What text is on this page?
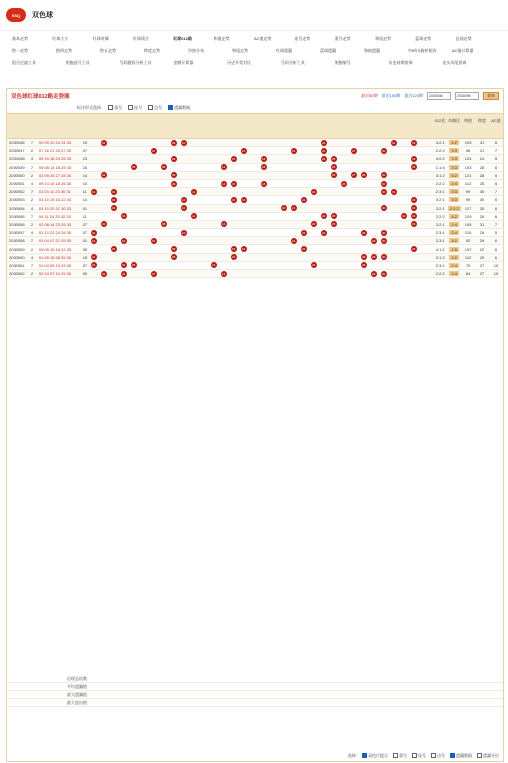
SSQ	双色球
基本走势	红球大小	红球奇偶	红球质合	红球012路	和值走势	AC值走势	连号走势	重号走势	和尾走势	蓝球走势	区间走势
跨一走势	跨四走势	跨五走势	跨度走势	冷热分布	和尾走势	红球遗漏	蓝球遗漏	和值遗漏	中6红5旋转矩阵	AC值计算器
组合过滤工具	胆拖选号工具	号码跟踪分析工具	金额计算器	历史开奖对比	号码分析工具	胆拖缩号	历史同期查询	龙头凤尾查询
双色球红球012路走势图	最近50期 最近100期 最近120期	2030046	2030095	查询
标注形式选择:	重号	连号	边号	遗漏数据
012比 奇偶比	和值	跨度	AC值
2030046	7	02 09 10 24 31 33	19	02	09	10	24	31	33	3:2:1	4:2	109	31	6
2030047	2	07 16 21 24 27 30	07	07	16	21	24	27	30	2:2:2	3:3	96	21	7
2030048	4	09 15 18 24 25 33	13	09	15	18	24	25	33	4:0:2	3:3	124	24	5
2030049	7	05 08 14 18 25 33	16	05	08	14	18	25	33	1:1:4	3:3	103	28	6
2030050	2	02 09 25 27 28 30	14	02	09	25	27	28	30	3:1:2	4:2	121	28	5
2030051	4	09 14 15 18 26 30	10	09	14	15	18	26	30	2:2:2	2:4	112	25	5
2030052	7	01 03 11 23 30 31	11	01	03	11	23	30	31	2:3:1	3:3	99	30	7
2030053	2	03 10 15 16 22 33	14	03	10	15	16	22	33	3:2:1	3:3	99	30	6
2030054	4	03 10 20 21 30 33	01	03	10	20	21	30	33	3:2:1	2:2:2	117	30	6
2030055	7	04 11 24 25 32 33	11	04	11	24	25	32	33	2:2:2	4:2	129	29	6
2030056	2	02 08 14 23 25 33	07	02	08	14	23	25	33	3:2:1	2:4	105	31	7
2030057	4	01 10 22 24 28 30	07	01	10	22	24	28	30	2:3:1	2:4	115	29	5
2030058	7	01 04 07 21 29 30	01	01	04	07	21	29	30	2:3:1	4:2	92	29	6
2030059	2	03 09 15 16 22 33	05	03	09	15	16	22	33	4:1:1	1:5	137	22	6
2030060	4	01 09 15 28 29 30	15	01	09	15	28	29	30	3:1:2	4:2	112	29	6
2030061	7	01 04 05 13 23 28	07	01	04	05	13	23	28	2:3:1	2:4	75	27	10
2030062	2	02 04 07 14 29 30	09	02	04	07	14	29	30	2:2:2	2:4	84	27	10
出现总次数
平均遗漏值
最大遗漏值
最大连出值
选择:	双色行提示	重号	连号	边号	遗漏数据	遗漏分层
